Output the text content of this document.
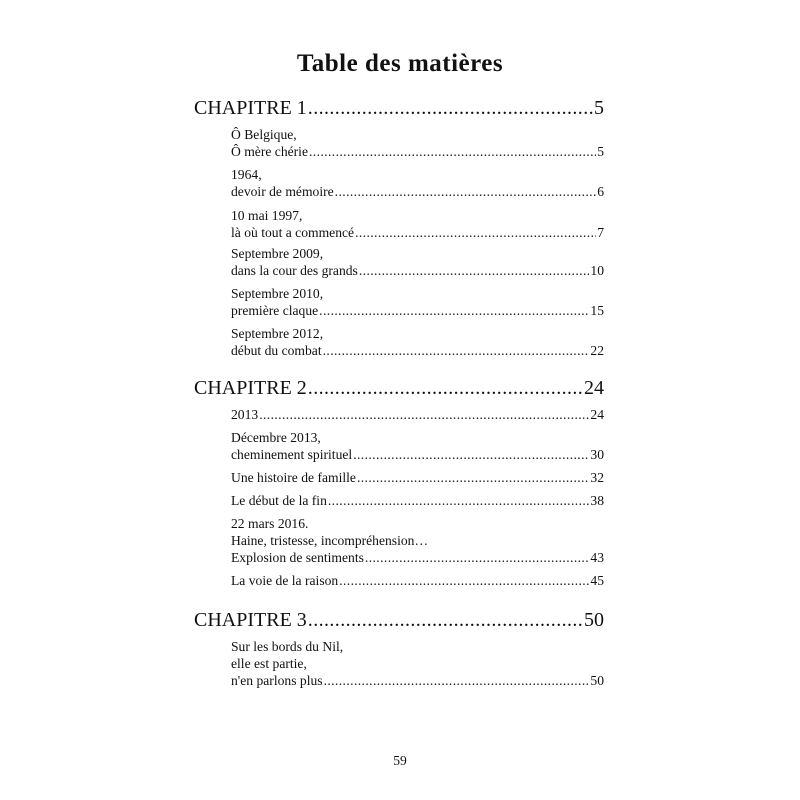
Table des matières
CHAPITRE 1 .....	5
Ô Belgique,
Ô mère chérie .....	5
1964,
devoir de mémoire .....	6
10 mai 1997,
là où tout a commencé .....	7
Septembre 2009,
dans la cour des grands .....	10
Septembre 2010,
première claque .....	15
Septembre 2012,
début du combat .....	22
CHAPITRE 2 .....	24
2013 .....	24
Décembre 2013,
cheminement spirituel .....	30
Une histoire de famille .....	32
Le début de la fin .....	38
22 mars 2016.
Haine, tristesse, incompréhension…
Explosion de sentiments .....	43
La voie de la raison .....	45
CHAPITRE 3 .....	50
Sur les bords du Nil,
elle est partie,
n'en parlons plus .....	50
59
